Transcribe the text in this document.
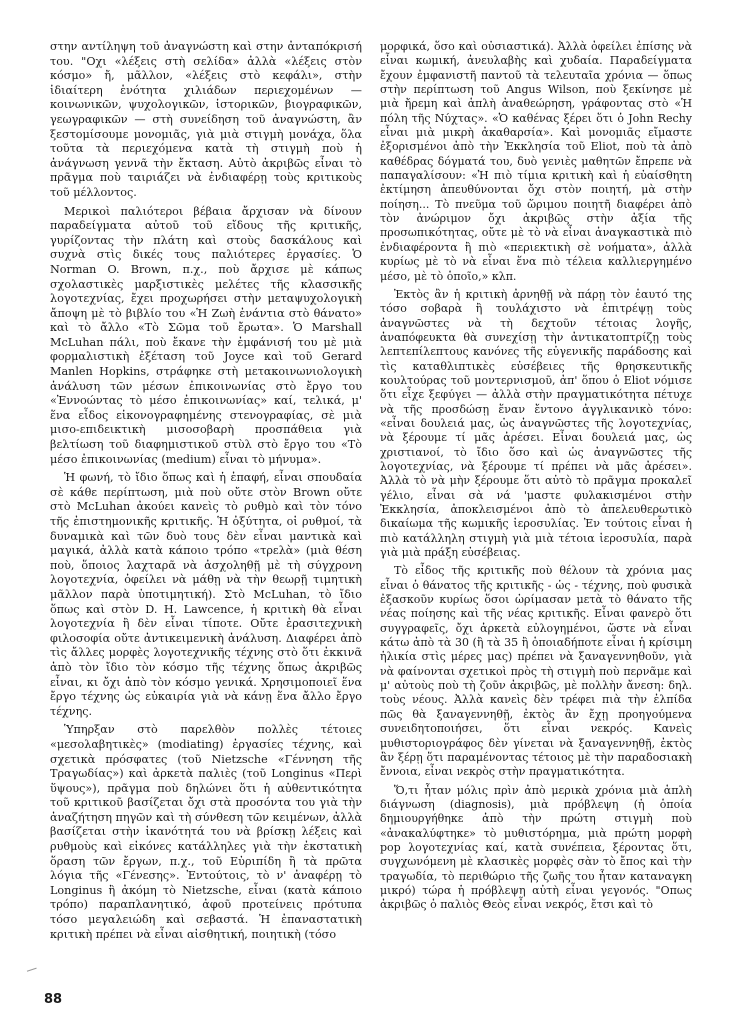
στην αντίληψη τοῦ ἀναγνώστη καὶ στην ἀνταπόκρισή του. "Οχι «λέξεις στὴ σελίδα» ἀλλὰ «λέξεις στὸν κόσμο» ἤ, μᾶλλον, «λέξεις στὸ κεφάλι», στὴν ἰδιαίτερη ἑνότητα χιλιάδων περιεχομένων — κοινωνικῶν, ψυχολογικῶν, ἱστορικῶν, βιογραφικῶν, γεωγραφικῶν — στὴ συνείδηση τοῦ ἀναγνώστη, ἂν ξεστομίσουμε μονομιᾶς, γιὰ μιὰ στιγμὴ μονάχα, ὅλα τοῦτα τὰ περιεχόμενα κατὰ τὴ στιγμὴ ποὺ ἡ ἀνάγνωση γεννᾶ τὴν ἔκταση. Αὐτὸ ἀκριβῶς εἶναι τὸ πρᾶγμα ποὺ ταιριάζει νὰ ἐνδιαφέρῃ τοὺς κριτικοὺς τοῦ μέλλοντος.

Μερικοὶ παλιότεροι βέβαια ἄρχισαν νὰ δίνουν παραδείγματα αὐτοῦ τοῦ εἴδους τῆς κριτικῆς, γυρίζοντας τὴν πλάτη καὶ στοὺς δασκάλους καὶ συχνὰ στὶς δικές τους παλιότερες ἐργασίες. Ὁ Norman O. Brown, π.χ., ποὺ ἄρχισε μὲ κάπως σχολαστικὲς μαρξιστικὲς μελέτες τῆς κλασσικῆς λογοτεχνίας, ἔχει προχωρήσει στὴν μεταψυχολογικὴ ἄποψη μὲ τὸ βιβλίο του «Ἡ Ζωὴ ἐνάντια στὸ θάνατο» καὶ τὸ ἄλλο «Τὸ Σῶμα τοῦ ἔρωτα». Ὁ Marshall McLuhan πάλι, ποὺ ἔκανε τὴν ἐμφάνισή του μὲ μιὰ φορμαλιστικὴ ἐξέταση τοῦ Joyce καὶ τοῦ Gerard Manlen Hopkins, στράφηκε στὴ μετακοινωνιολογικὴ ἀνάλυση τῶν μέσων ἐπικοινωνίας στὸ ἔργο του «Ἐννοώντας τὸ μέσο ἐπικοινωνίας» καί, τελικά, μ' ἕνα εἶδος εἰκονογραφημένης στενογραφίας, σὲ μιὰ μισο-επιδεικτικὴ μισοσοβαρὴ προσπάθεια γιὰ βελτίωση τοῦ διαφημιστικοῦ στὺλ στὸ ἔργο του «Τὸ μέσο ἐπικοινωνίας (medium) εἶναι τὸ μήνυμα».

Ἡ φωνή, τὸ ἴδιο ὅπως καὶ ἡ ἐπαφή, εἶναι σπουδαία σὲ κάθε περίπτωση, μιὰ ποὺ οὔτε στὸν Brown οὔτε στὸ McLuhan ἀκούει κανεὶς τὸ ρυθμὸ καὶ τὸν τόνο τῆς ἐπιστημονικῆς κριτικῆς. Ἡ ὀξύτητα, οἱ ρυθμοί, τὰ δυναμικὰ καὶ τῶν δυὸ τους δὲν εἶναι μαντικὰ καὶ μαγικά, ἀλλὰ κατὰ κάποιο τρόπο «τρελὰ» (μιὰ θέση ποὺ, ὅποιος λαχταρᾶ νὰ ἀσχοληθῇ μὲ τὴ σύγχρονη λογοτεχνία, ὀφείλει νὰ μάθῃ νὰ τὴν θεωρῇ τιμητικὴ μᾶλλον παρὰ ὑποτιμητική). Στὸ McLuhan, τὸ ἴδιο ὅπως καὶ στὸν D. H. Lawcence, ἡ κριτικὴ θὰ εἶναι λογοτεχνία ἢ δὲν εἶναι τίποτε. Οὔτε ἐρασιτεχνικὴ φιλοσοφία οὔτε ἀντικειμενικὴ ἀνάλυση. Διαφέρει ἀπὸ τὶς ἄλλες μορφὲς λογοτεχνικῆς τέχνης στὸ ὅτι ἐκκινᾶ ἀπὸ τὸν ἴδιο τὸν κόσμο τῆς τέχνης ὅπως ἀκριβῶς εἶναι, κι ὄχι ἀπὸ τὸν κόσμο γενικά. Χρησιμοποιεῖ ἕνα ἔργο τέχνης ὡς εὐκαιρία γιὰ νὰ κάνῃ ἕνα ἄλλο ἔργο τέχνης.

Ὑπηρξαν στὸ παρελθὸν πολλὲς τέτοιες «μεσολαβητικὲς» (modiating) ἐργασίες τέχνης, καὶ σχετικὰ πρόσφατες (τοῦ Nietzsche «Γέννηση τῆς Τραγωδίας») καὶ ἀρκετὰ παλιὲς (τοῦ Longinus «Περὶ ὕψους»), πρᾶγμα ποὺ δηλώνει ὅτι ἡ αὐθεντικότητα τοῦ κριτικοῦ βασίζεται ὄχι στὰ προσόντα του γιὰ τὴν ἀναζήτηση πηγῶν καὶ τὴ σύνθεση τῶν κειμένων, ἀλλὰ βασίζεται στὴν ἱκανότητά του νὰ βρίσκῃ λέξεις καὶ ρυθμοὺς καὶ εἰκόνες κατάλληλες γιὰ τὴν ἐκστατικὴ ὅραση τῶν ἔργων, π.χ., τοῦ Εὐριπίδη ἢ τὰ πρῶτα λόγια τῆς «Γένεσης». Ἐντούτοις, τὸ ν' ἀναφέρῃ τὸ Longinus ἢ ἀκόμη τὸ Nietzsche, εἶναι (κατὰ κάποιο τρόπο) παραπλανητικό, ἀφοῦ προτείνεις πρότυπα τόσο μεγαλειώδη καὶ σεβαστά. Ἡ ἐπαναστατικὴ κριτικὴ πρέπει νὰ εἶναι αἰσθητική, ποιητικὴ (τόσο

μορφικά, ὅσο καὶ οὐσιαστικά). Ἀλλὰ ὀφείλει ἐπίσης νὰ εἶναι κωμική, ἀνευλαβὴς καὶ χυδαία. Παραδείγματα ἔχουν ἐμφανιστῆ παντοῦ τὰ τελευταῖα χρόνια — ὅπως στὴν περίπτωση τοῦ Angus Wilson, ποὺ ξεκίνησε μὲ μιὰ ἤρεμη καὶ ἁπλὴ ἀναθεώρηση, γράφοντας στὸ «Ἡ πόλη τῆς Νύχτας». «Ὁ καθένας ξέρει ὅτι ὁ John Rechy εἶναι μιὰ μικρὴ ἀκαθαρσία». Καὶ μονομιᾶς εἴμαστε ἐξορισμένοι ἀπὸ τὴν Ἐκκλησία τοῦ Eliot, ποὺ τὰ ἀπὸ καθέδρας δόγματά του, δυὸ γενιὲς μαθητῶν ἔπρεπε νὰ παπαγαλίσουν: «Ἡ πιὸ τίμια κριτικὴ καὶ ἡ εὐαίσθητη ἐκτίμηση ἀπευθύνονται ὄχι στὸν ποιητή, μὰ στὴν ποίηση... Τὸ πνεῦμα τοῦ ὥριμου ποιητῆ διαφέρει ἀπὸ τὸν ἀνώριμον ὄχι ἀκριβῶς στὴν ἀξία τῆς προσωπικότητας, οὔτε μὲ τὸ νὰ εἶναι ἀναγκαστικὰ πιὸ ἐνδιαφέροντα ἢ πιὸ «περιεκτικὴ σὲ νοήματα», ἀλλὰ κυρίως μὲ τὸ νὰ εἶναι ἕνα πιὸ τέλεια καλλιεργημένο μέσο, μὲ τὸ ὁποῖο,» κλπ.

Ἐκτὸς ἂν ἡ κριτικὴ ἀρνηθῇ νὰ πάρῃ τὸν ἑαυτό της τόσο σοβαρὰ ἢ τουλάχιστο νὰ ἐπιτρέψῃ τοὺς ἀναγνῶστες νὰ τὴ δεχτοῦν τέτοιας λογῆς, ἀναπόφευκτα θὰ συνεχίσῃ τὴν ἀντικατοπτρίζῃ τοὺς λεπτεπίλεπτους κανόνες τῆς εὐγενικῆς παράδοσης καὶ τὶς καταθλιπτικὲς εὐσέβειες τῆς θρησκευτικῆς κουλτούρας τοῦ μοντερνισμοῦ, ἀπ' ὅπου ὁ Eliot νόμισε ὅτι εἶχε ξεφύγει — ἀλλὰ στὴν πραγματικότητα πέτυχε νὰ τῆς προσδώσῃ ἕναν ἔντονο ἀγγλικανικὸ τόνο: «εἶναι δουλειά μας, ὡς ἀναγνῶστες τῆς λογοτεχνίας, νὰ ξέρουμε τί μᾶς ἀρέσει. Εἶναι δουλειά μας, ὡς χριστιανοί, τὸ ἴδιο ὅσο καὶ ὡς ἀναγνῶστες τῆς λογοτεχνίας, νὰ ξέρουμε τί πρέπει νὰ μᾶς ἀρέσει». Ἀλλὰ τὸ νὰ μὴν ξέρουμε ὅτι αὐτὸ τὸ πρᾶγμα προκαλεῖ γέλιο, εἶναι σὰ νά 'μαστε φυλακισμένοι στὴν Ἐκκλησία, ἀποκλεισμένοι ἀπὸ τὸ ἀπελευθερωτικὸ δικαίωμα τῆς κωμικῆς ἱεροσυλίας. Ἐν τούτοις εἶναι ἡ πιὸ κατάλληλη στιγμὴ γιὰ μιὰ τέτοια ἱεροσυλία, παρὰ γιὰ μιὰ πράξη εὐσέβειας.

Τὸ εἶδος τῆς κριτικῆς ποὺ θέλουν τὰ χρόνια μας εἶναι ὁ θάνατος τῆς κριτικῆς - ὡς - τέχνης, ποὺ φυσικὰ ἐξασκοῦν κυρίως ὅσοι ὡρίμασαν μετὰ τὸ θάνατο τῆς νέας ποίησης καὶ τῆς νέας κριτικῆς. Εἶναι φανερὸ ὅτι συγγραφεῖς, ὄχι ἀρκετὰ εὐλογημένοι, ὥστε νὰ εἶναι κάτω ἀπὸ τὰ 30 (ἢ τὰ 35 ἢ ὁποιαδήποτε εἶναι ἡ κρίσιμη ἡλικία στὶς μέρες μας) πρέπει νὰ ξαναγεννηθοῦν, γιὰ νὰ φαίνονται σχετικοὶ πρὸς τὴ στιγμὴ ποὺ περνᾶμε καὶ μ' αὐτοὺς ποὺ τὴ ζοῦν ἀκριβῶς, μὲ πολλὴν ἄνεση: δηλ. τοὺς νέους. Ἀλλὰ κανεὶς δὲν τρέφει πιὰ τὴν ἐλπίδα πῶς θὰ ξαναγεννηθῇ, ἐκτὸς ἂν ἔχῃ προηγούμενα συνειδητοποιήσει, ὅτι εἶναι νεκρός. Κανεὶς μυθιστοριογράφος δὲν γίνεται νὰ ξαναγεννηθῇ, ἐκτὸς ἂν ξέρῃ ὅτι παραμένοντας τέτοιος μὲ τὴν παραδοσιακὴ ἔννοια, εἶναι νεκρὸς στὴν πραγματικότητα.

Ὅ,τι ἦταν μόλις πρὶν ἀπὸ μερικὰ χρόνια μιὰ ἁπλὴ διάγνωση (diagnosis), μιὰ πρόβλεψη (ἡ ὁποία δημιουργήθηκε ἀπὸ τὴν πρώτη στιγμὴ ποὺ «ἀνακαλύφτηκε» τὸ μυθιστόρημα, μιὰ πρώτη μορφὴ pop λογοτεχνίας καί, κατὰ συνέπεια, ξέροντας ὅτι, συγχωνόμενη μὲ κλασικὲς μορφὲς σὰν τὸ ἔπος καὶ τὴν τραγωδία, τὸ περιθώριο τῆς ζωῆς του ἦταν καταναγκη μικρό) τώρα ἡ πρόβλεψη αὐτὴ εἶναι γεγονός. "Οπως ἀκριβῶς ὁ παλιὸς Θεὸς εἶναι νεκρός, ἔτσι καὶ τὸ

88
